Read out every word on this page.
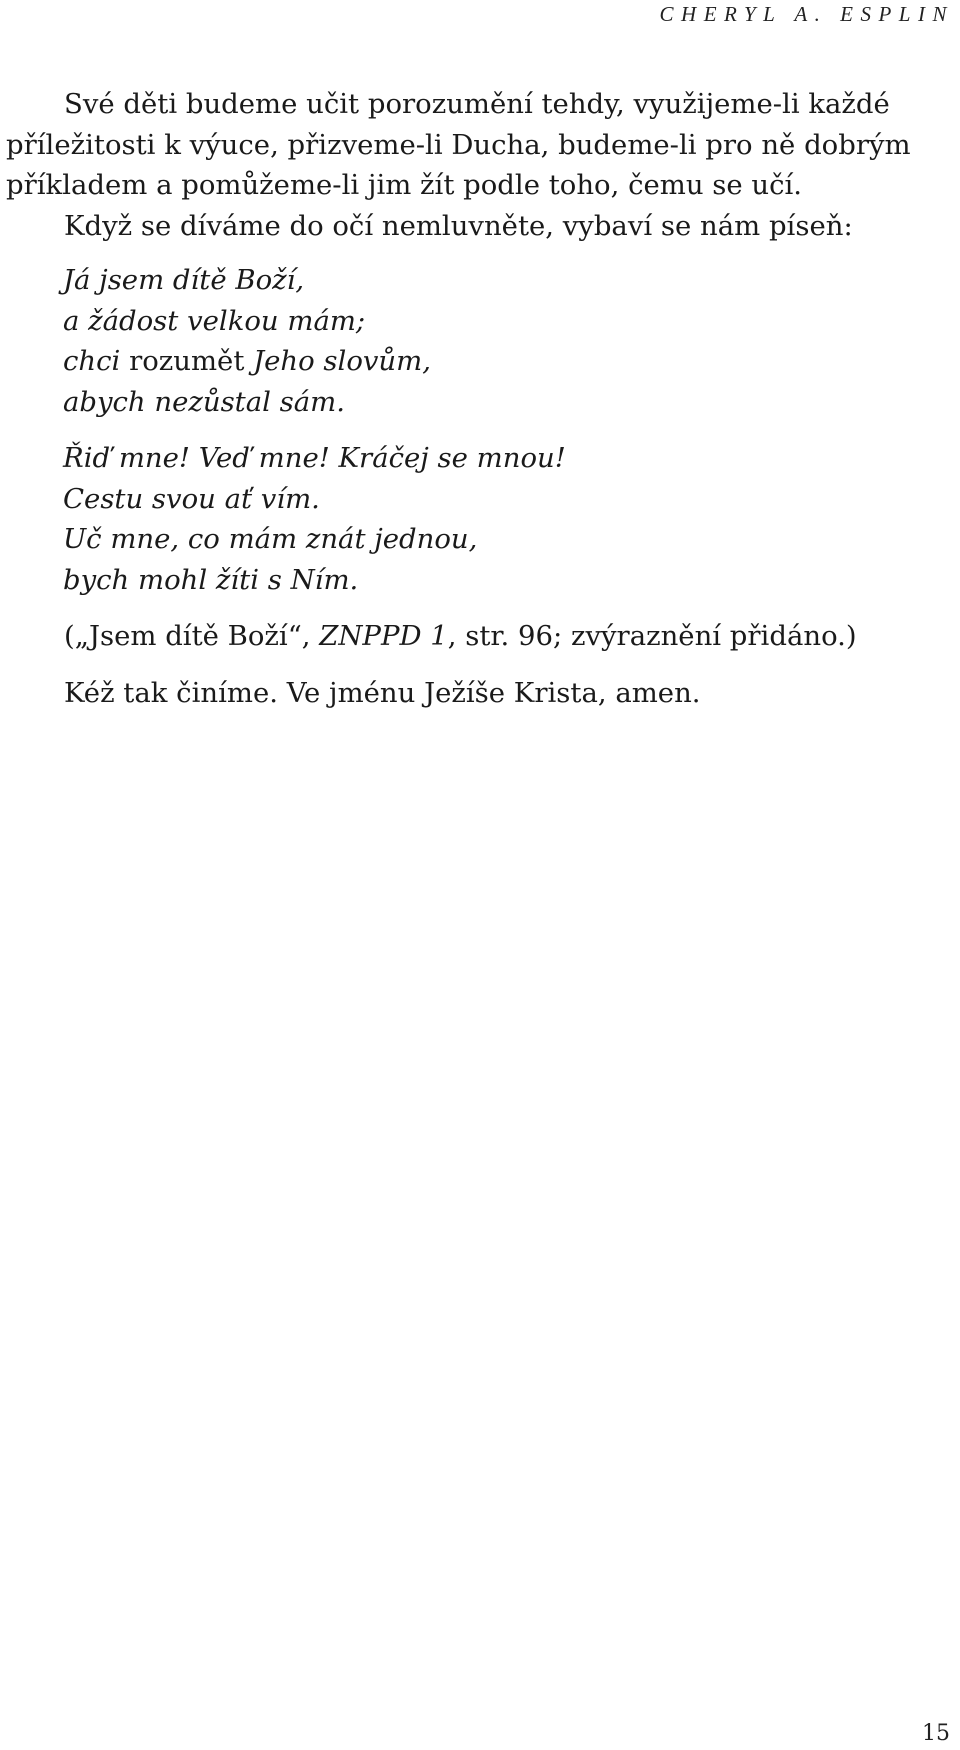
CHERYL A. ESPLIN

Své děti budeme učit porozumění tehdy, využijeme-li každé příležitosti k výuce, přizveme-li Ducha, budeme-li pro ně dobrým příkladem a pomůžeme-li jim žít podle toho, čemu se učí.

Když se díváme do očí nemluvněte, vybaví se nám píseň:

Já jsem dítě Boží,
a žádost velkou mám;
chci rozumět Jeho slovům,
abych nezůstal sám.
Řiď mne! Veď mne! Kráčej se mnou!
Cestu svou ať vím.
Uč mne, co mám znát jednou,
bych mohl žíti s Ním.

(„Jsem dítě Boží“, ZNPPD 1, str. 96; zvýraznění přidáno.)

Kéž tak činíme. Ve jménu Ježíše Krista, amen.

15
